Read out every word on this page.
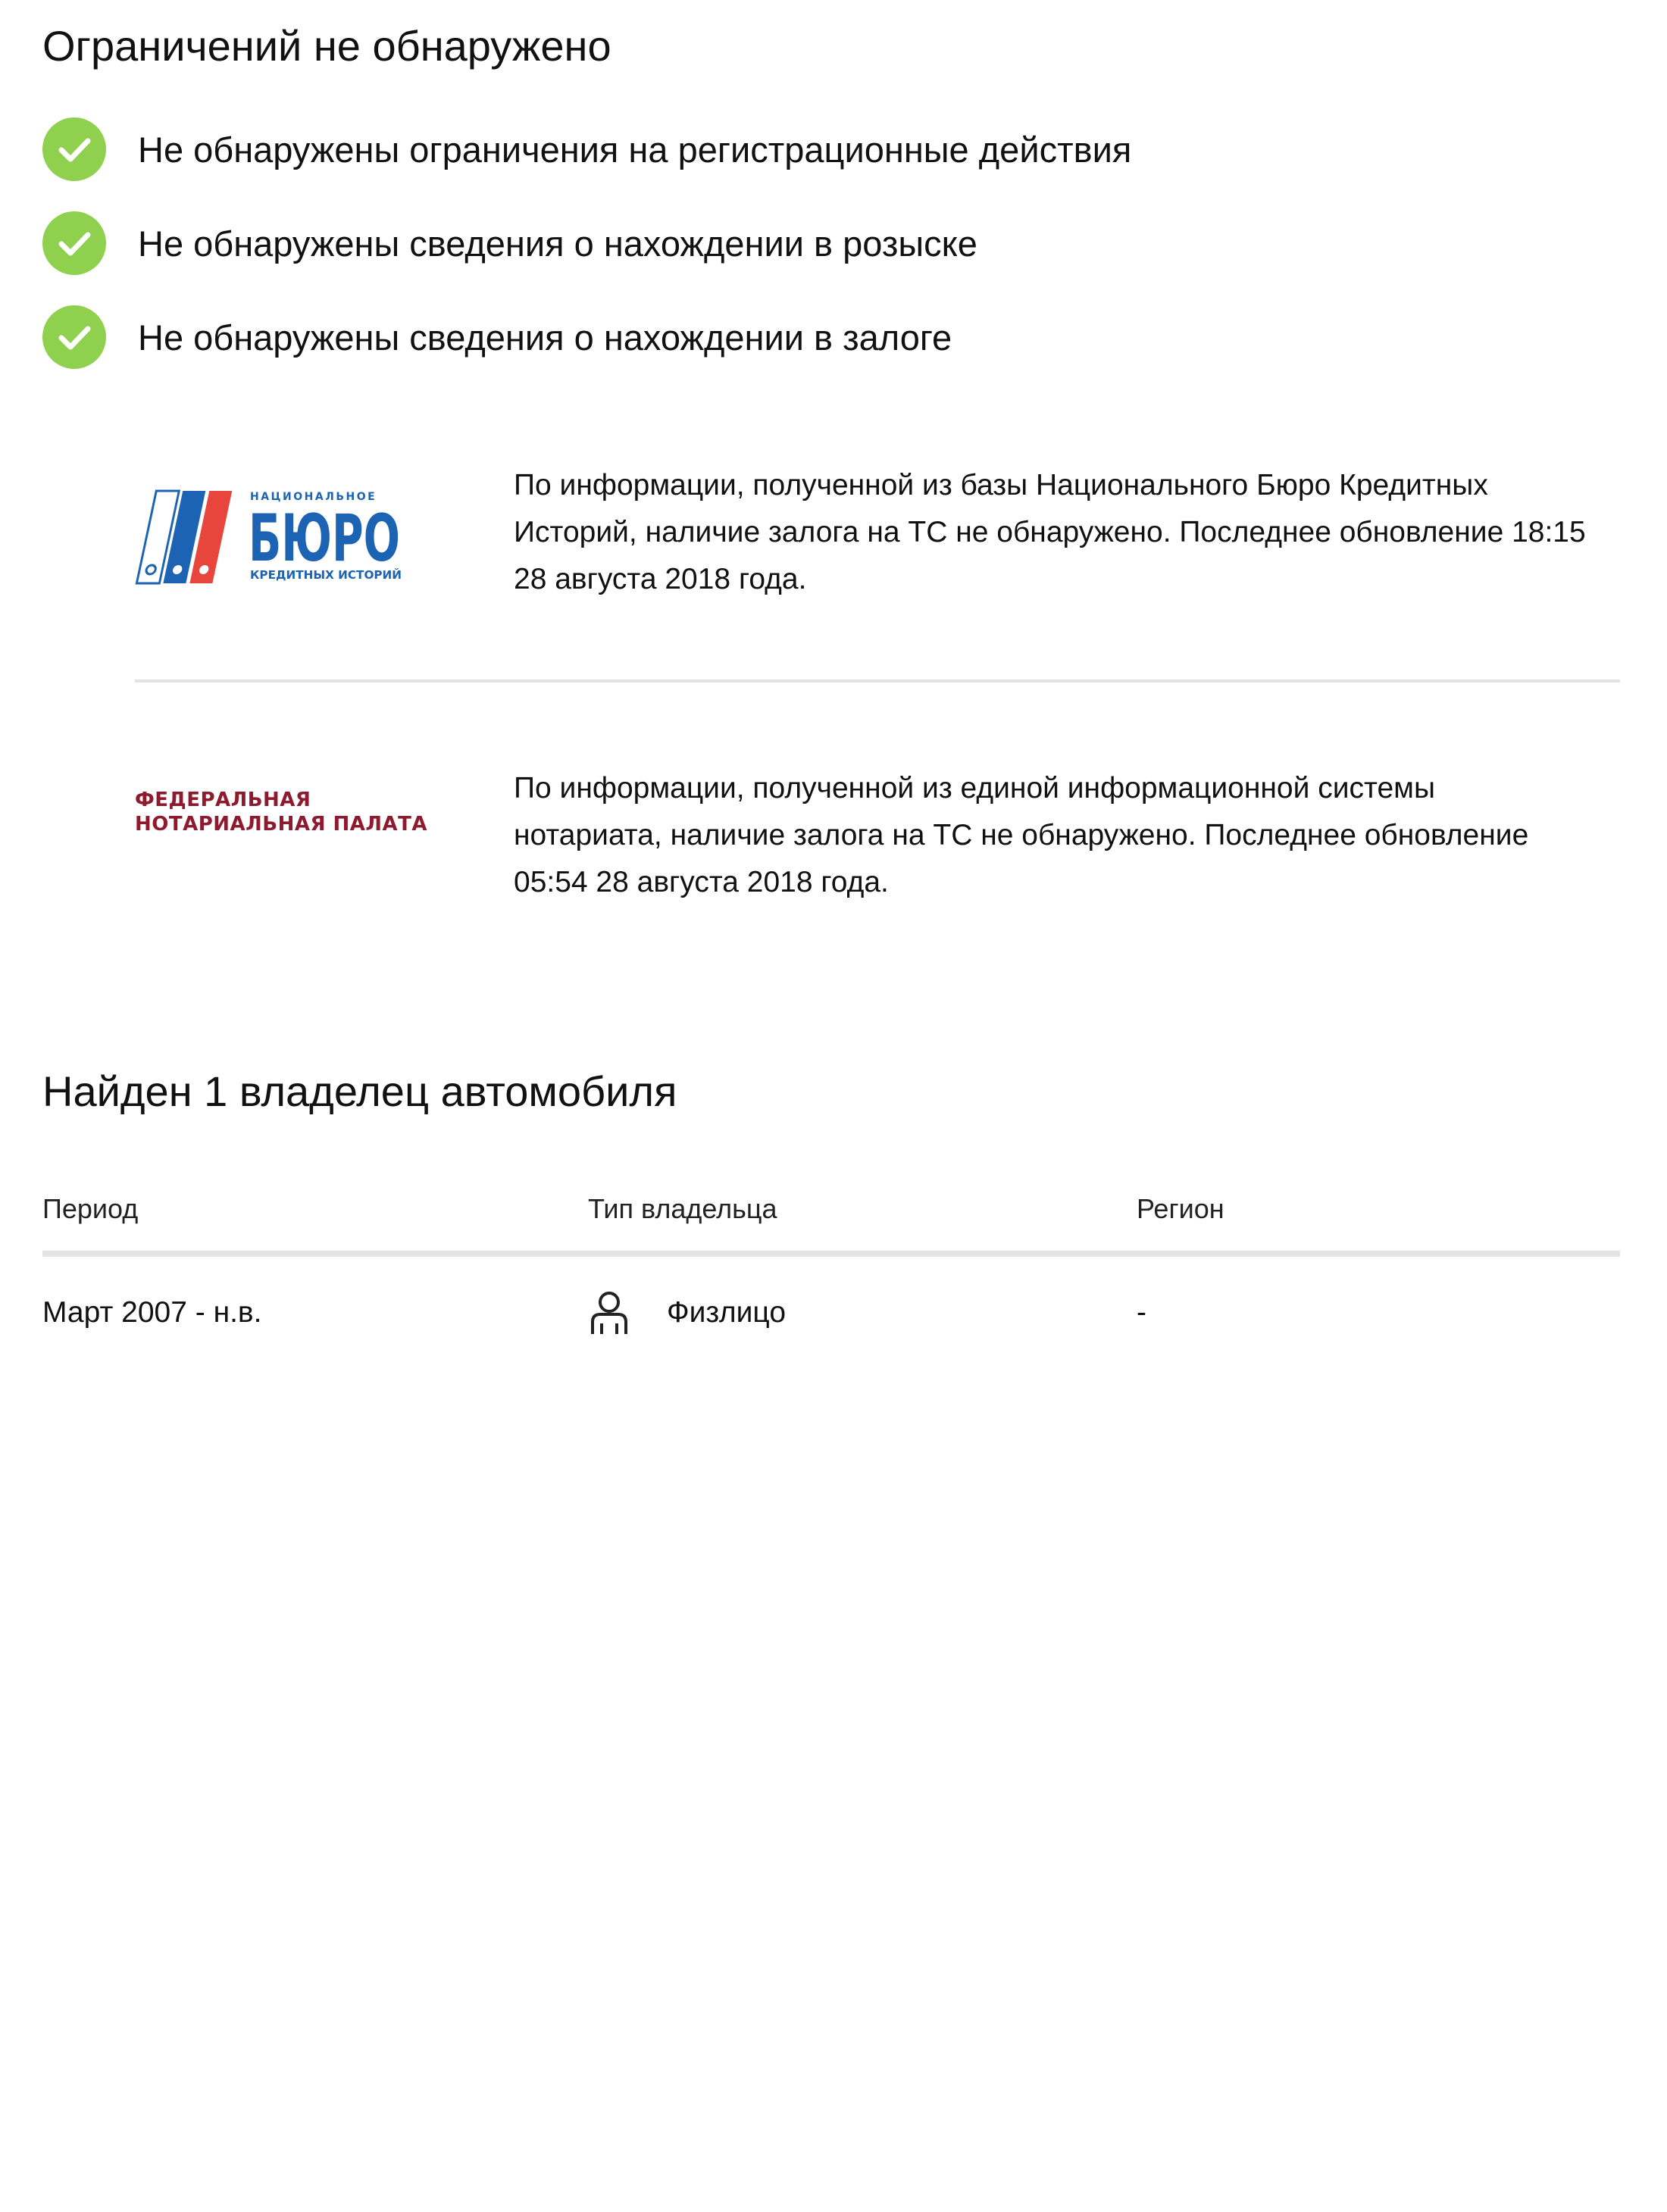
Ограничений не обнаружено
Не обнаружены ограничения на регистрационные действия
Не обнаружены сведения о нахождении в розыске
Не обнаружены сведения о нахождении в залоге
НАЦИОНАЛЬНОЕ
БЮРО
КРЕДИТНЫХ ИСТОРИЙ
По информации, полученной из базы Национального Бюро Кредитных Историй, наличие залога на ТС не обнаружено. Последнее обновление 18:15 28 августа 2018 года.
ФЕДЕРАЛЬНАЯ
НОТАРИАЛЬНАЯ ПАЛАТА
По информации, полученной из единой информационной системы нотариата, наличие залога на ТС не обнаружено. Последнее обновление 05:54 28 августа 2018 года.
Найден 1 владелец автомобиля
Период	Тип владельца	Регион
Март 2007 - н.в.	Физлицо	-
